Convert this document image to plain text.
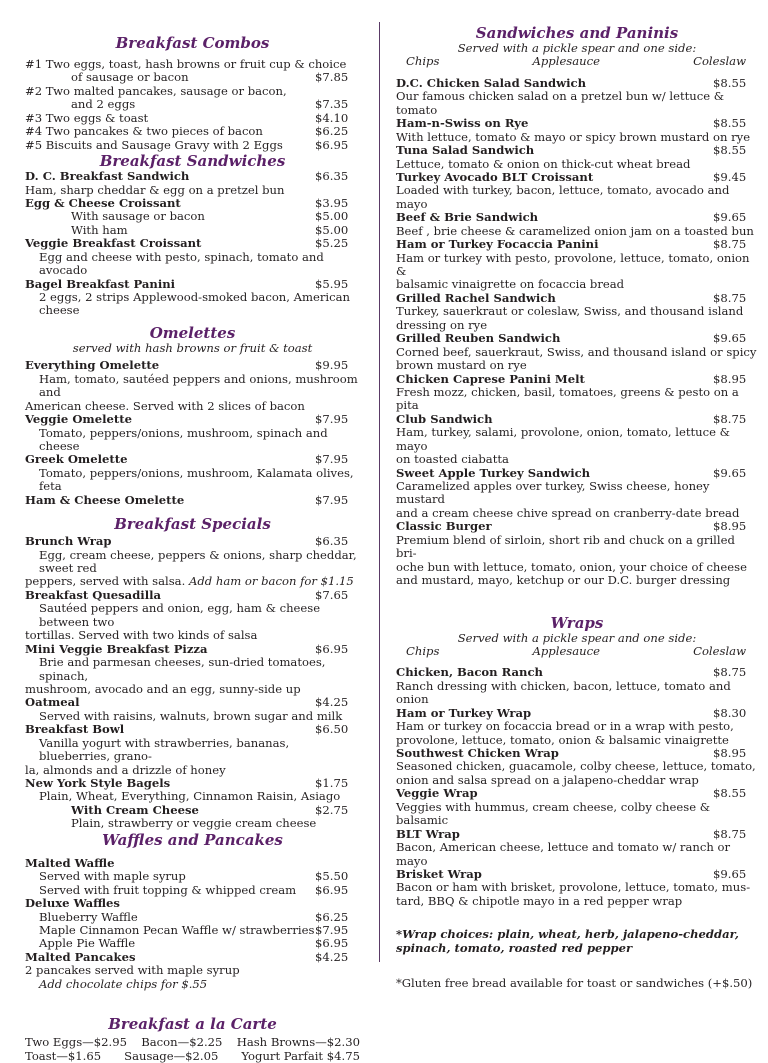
Breakfast Combos
#1 Two eggs, toast, hash browns or fruit cup & choice
of sausage or bacon	$7.85
#2 Two malted pancakes, sausage or bacon,
and 2 eggs	$7.35
#3 Two eggs & toast	$4.10
#4 Two pancakes & two pieces of bacon	$6.25
#5 Biscuits and Sausage Gravy with 2 Eggs	$6.95
Breakfast Sandwiches
D. C. Breakfast Sandwich	$6.35
Ham, sharp cheddar & egg on a pretzel bun
Egg & Cheese Croissant	$3.95
With sausage or bacon	$5.00
With ham	$5.00
Veggie Breakfast Croissant	$5.25
Egg and cheese with pesto, spinach, tomato and avocado
Bagel Breakfast Panini	$5.95
2 eggs, 2 strips Applewood-smoked bacon, American cheese
Omelettes
served with hash browns or fruit & toast
Everything Omelette	$9.95
Ham, tomato, sautéed peppers and onions, mushroom and
American cheese. Served with 2 slices of bacon
Veggie Omelette	$7.95
Tomato, peppers/onions, mushroom, spinach and cheese
Greek Omelette	$7.95
Tomato, peppers/onions, mushroom, Kalamata olives, feta
Ham & Cheese Omelette	$7.95
Breakfast Specials
Brunch Wrap	$6.35
Egg, cream cheese, peppers & onions, sharp cheddar, sweet red
peppers, served with salsa. Add ham or bacon for $1.15
Breakfast Quesadilla	$7.65
Sautéed peppers and onion, egg, ham & cheese between two
tortillas. Served with two kinds of salsa
Mini Veggie Breakfast Pizza	$6.95
Brie and parmesan cheeses, sun-dried tomatoes, spinach,
mushroom, avocado and an egg, sunny-side up
Oatmeal	$4.25
Served with raisins, walnuts, brown sugar and milk
Breakfast Bowl	$6.50
Vanilla yogurt with strawberries, bananas, blueberries, grano-
la, almonds and a drizzle of honey
New York Style Bagels	$1.75
Plain, Wheat, Everything, Cinnamon Raisin, Asiago
With Cream Cheese	$2.75
Plain, strawberry or veggie cream cheese
Waffles and Pancakes
Malted Waffle
Served with maple syrup	$5.50
Served with fruit topping & whipped cream $6.95
Deluxe Waffles
Blueberry Waffle	$6.25
Maple Cinnamon Pecan Waffle w/ strawberries $7.95
Apple Pie Waffle	$6.95
Malted Pancakes	$4.25
2 pancakes served with maple syrup
Add chocolate chips for $.55
Breakfast a la Carte
Two Eggs—$2.95 Bacon—$2.25 Hash Browns—$2.30
Toast—$1.65 Sausage—$2.05 Yogurt Parfait $4.75
Sandwiches and Paninis
Served with a pickle spear and one side:
Chips	Applesauce	Coleslaw
D.C. Chicken Salad Sandwich	$8.55
Our famous chicken salad on a pretzel bun w/ lettuce & tomato
Ham-n-Swiss on Rye	$8.55
With lettuce, tomato & mayo or spicy brown mustard on rye
Tuna Salad Sandwich	$8.55
Lettuce, tomato & onion on thick-cut wheat bread
Turkey Avocado BLT Croissant	$9.45
Loaded with turkey, bacon, lettuce, tomato, avocado and mayo
Beef & Brie Sandwich	$9.65
Beef , brie cheese & caramelized onion jam on a toasted bun
Ham or Turkey Focaccia Panini	$8.75
Ham or turkey with pesto, provolone, lettuce, tomato, onion &
balsamic vinaigrette on focaccia bread
Grilled Rachel Sandwich	$8.75
Turkey, sauerkraut or coleslaw, Swiss, and thousand island
dressing on rye
Grilled Reuben Sandwich	$9.65
Corned beef, sauerkraut, Swiss, and thousand island or spicy
brown mustard on rye
Chicken Caprese Panini Melt	$8.95
Fresh mozz, chicken, basil, tomatoes, greens & pesto on a pita
Club Sandwich	$8.75
Ham, turkey, salami, provolone, onion, tomato, lettuce & mayo
on toasted ciabatta
Sweet Apple Turkey Sandwich	$9.65
Caramelized apples over turkey, Swiss cheese, honey mustard
and a cream cheese chive spread on cranberry-date bread
Classic Burger	$8.95
Premium blend of sirloin, short rib and chuck on a grilled bri-
oche bun with lettuce, tomato, onion, your choice of cheese
and mustard, mayo, ketchup or our D.C. burger dressing
Wraps
Served with a pickle spear and one side:
Chips	Applesauce	Coleslaw
Chicken, Bacon Ranch	$8.75
Ranch dressing with chicken, bacon, lettuce, tomato and onion
Ham or Turkey Wrap	$8.30
Ham or turkey on focaccia bread or in a wrap with pesto,
provolone, lettuce, tomato, onion & balsamic vinaigrette
Southwest Chicken Wrap	$8.95
Seasoned chicken, guacamole, colby cheese, lettuce, tomato,
onion and salsa spread on a jalapeno-cheddar wrap
Veggie Wrap	$8.55
Veggies with hummus, cream cheese, colby cheese & balsamic
BLT Wrap	$8.75
Bacon, American cheese, lettuce and tomato w/ ranch or mayo
Brisket Wrap	$9.65
Bacon or ham with brisket, provolone, lettuce, tomato, mus-
tard, BBQ & chipotle mayo in a red pepper wrap
*Wrap choices: plain, wheat, herb, jalapeno-cheddar,
spinach, tomato, roasted red pepper
*Gluten free bread available for toast or sandwiches (+$.50)
